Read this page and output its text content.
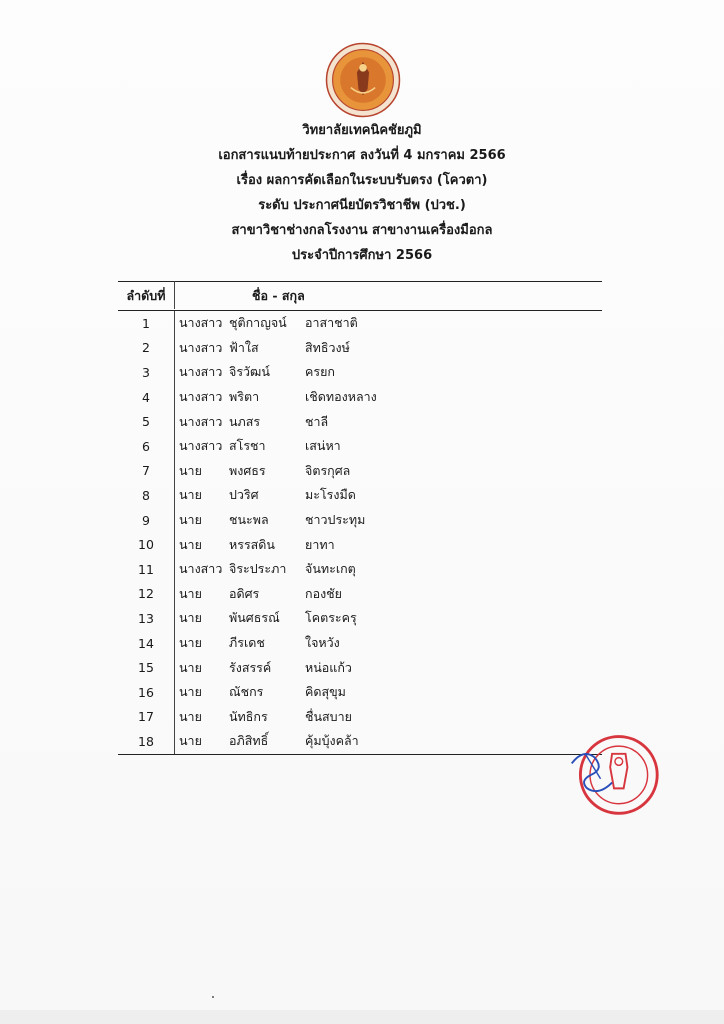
วิทยาลัยเทคนิคชัยภูมิ
เอกสารแนบท้ายประกาศ ลงวันที่ 4 มกราคม 2566
เรื่อง ผลการคัดเลือกในระบบรับตรง (โควตา)
ระดับ ประกาศนียบัตรวิชาชีพ (ปวช.)
สาขาวิชาช่างกลโรงงาน สาขางานเครื่องมือกล
ประจำปีการศึกษา 2566
ลำดับที่	ชื่อ - สกุล
1	นางสาว ชุติกาญจน์	อาสาชาติ
2	นางสาว ฟ้าใส	สิทธิวงษ์
3	นางสาว จิรวัฒน์	ครยก
4	นางสาว พริตา	เชิดทองหลาง
5	นางสาว นภสร	ชาลี
6	นางสาว สโรชา	เสน่หา
7	นาย	พงศธร	จิตรกุศล
8	นาย	ปวริศ	มะโรงมืด
9	นาย	ชนะพล	ชาวประทุม
10	นาย	หรรสดิน	ยาทา
11	นางสาว จิระประภา	จันทะเกตุ
12	นาย	อดิศร	กองชัย
13	นาย	พันศธรณ์	โคตระครุ
14	นาย	ภีรเดช	ใจหวัง
15	นาย	รังสรรค์	หน่อแก้ว
16	นาย	ณัชกร	คิดสุขุม
17	นาย	นัทธิกร	ชื่นสบาย
18	นาย	อภิสิทธิ์	คุ้มบุ้งคล้า
